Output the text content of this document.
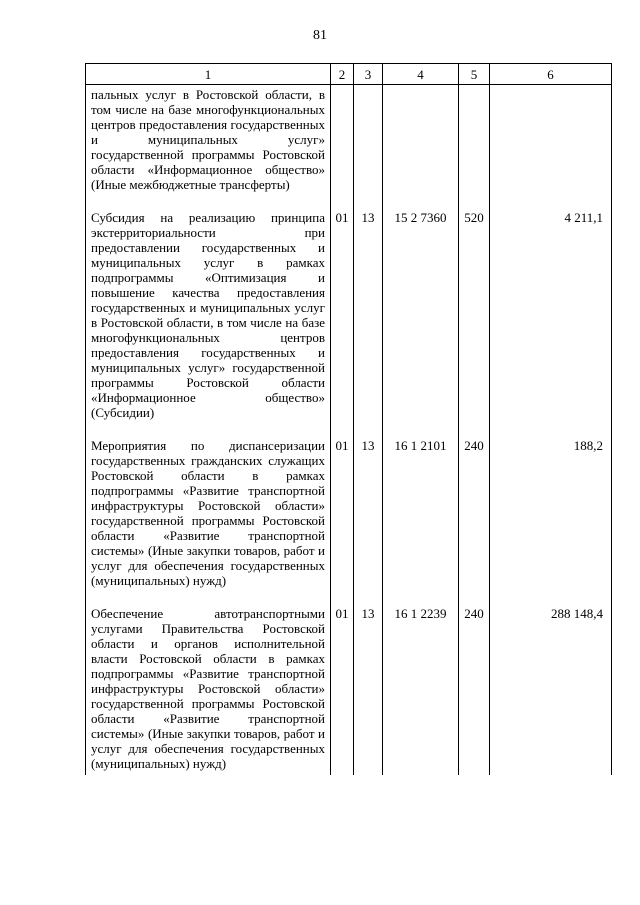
81
1	2	3	4	5	6
пальных услуг в Ростовской области, в том числе на базе многофункциональных центров предоставления государственных и муниципальных услуг» государственной программы Ростовской области «Информационное общество» (Иные межбюджетные трансферты)					
Субсидия на реализацию принципа экстерриториальности при предоставлении государственных и муниципальных услуг в рамках подпрограммы «Оптимизация и повышение качества предоставления государственных и муниципальных услуг в Ростовской области, в том числе на базе многофункциональных центров предоставления государственных и муниципальных услуг» государственной программы Ростовской области «Информационное общество» (Субсидии)	01	13	15 2 7360	520	4 211,1
Мероприятия по диспансеризации государственных гражданских служащих Ростовской области в рамках подпрограммы «Развитие транспортной инфраструктуры Ростовской области» государственной программы Ростовской области «Развитие транспортной системы» (Иные закупки товаров, работ и услуг для обеспечения государственных (муниципальных) нужд)	01	13	16 1 2101	240	188,2
Обеспечение автотранспортными услугами Правительства Ростовской области и органов исполнительной власти Ростовской области в рамках подпрограммы «Развитие транспортной инфраструктуры Ростовской области» государственной программы Ростовской области «Развитие транспортной системы» (Иные закупки товаров, работ и услуг для обеспечения государственных (муниципальных) нужд)	01	13	16 1 2239	240	288 148,4
